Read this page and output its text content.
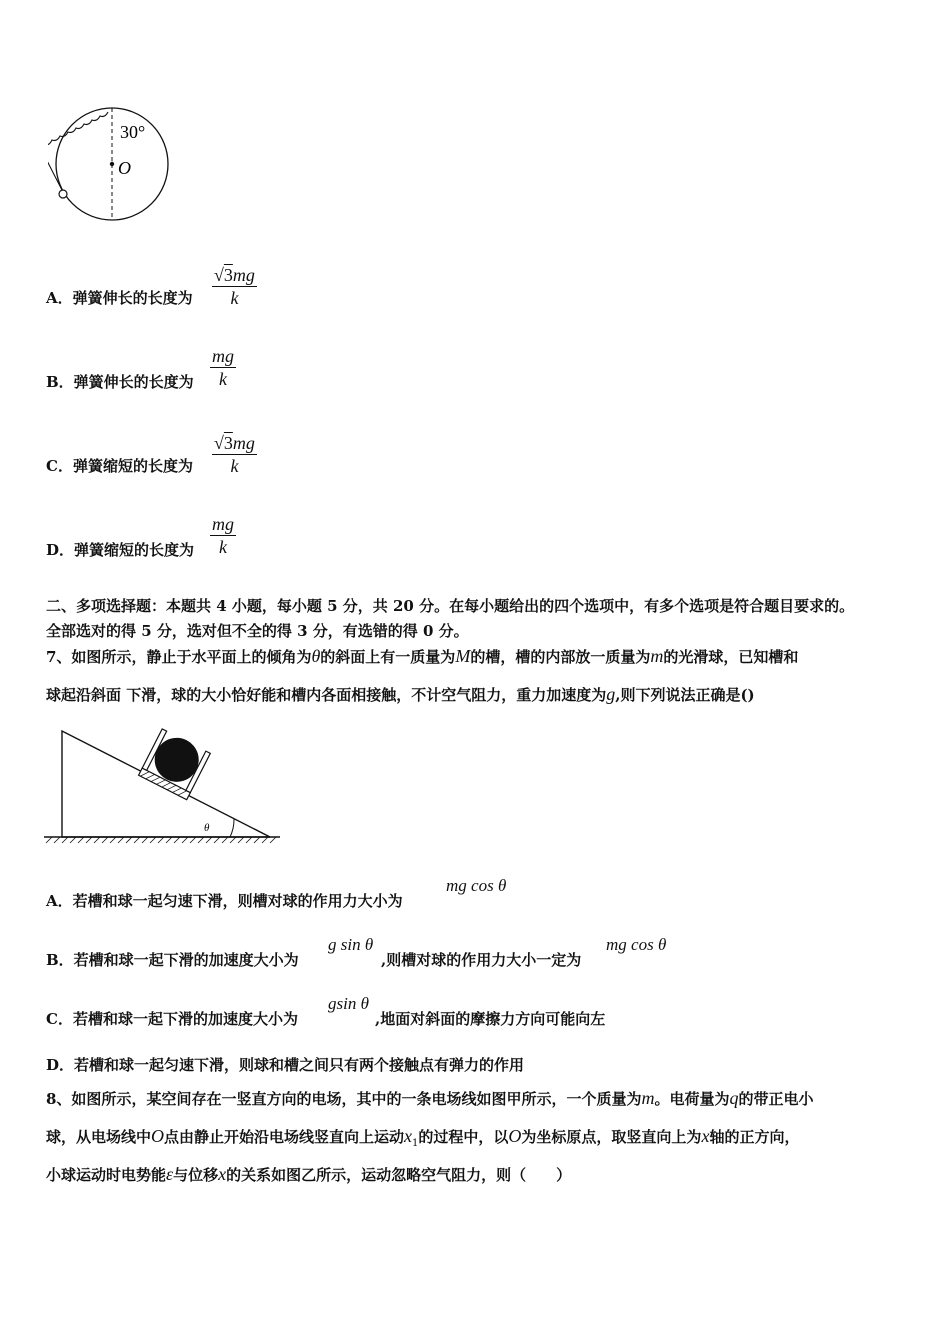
30°
O
A．弹簧伸长的长度为
√3mg
k
B．弹簧伸长的长度为 $\frac{mg}{k}$
C．弹簧缩短的长度为
√3mg
k
D．弹簧缩短的长度为 $\frac{mg}{k}$
二、多项选择题：本题共 4 小题，每小题 5 分，共 20 分。在每小题给出的四个选项中，有多个选项是符合题目要求的。
全部选对的得 5 分，选对但不全的得 3 分，有选错的得 0 分。
7、如图所示，静止于水平面上的倾角为θ的斜面上有一质量为M的槽，槽的内部放一质量为m的光滑球，已知槽和
球起沿斜面 下滑，球的大小恰好能和槽内各面相接触，不计空气阻力，重力加速度为g,则下列说法正确是()
θ
A．若槽和球一起匀速下滑，则槽对球的作用力大小为
mg cos θ
B．若槽和球一起下滑的加速度大小为
g sin θ
,则槽对球的作用力大小一定为
mg cos θ
C．若槽和球一起下滑的加速度大小为
gsin θ
,地面对斜面的摩擦力方向可能向左
D．若槽和球一起匀速下滑，则球和槽之间只有两个接触点有弹力的作用
8、如图所示，某空间存在一竖直方向的电场，其中的一条电场线如图甲所示，一个质量为m。电荷量为q的带正电小
球，从电场线中O点由静止开始沿电场线竖直向上运动$x_1$的过程中，以O为坐标原点，取竖直向上为x轴的正方向，
小球运动时电势能ε与位移x的关系如图乙所示，运动忽略空气阻力，则（　　）
